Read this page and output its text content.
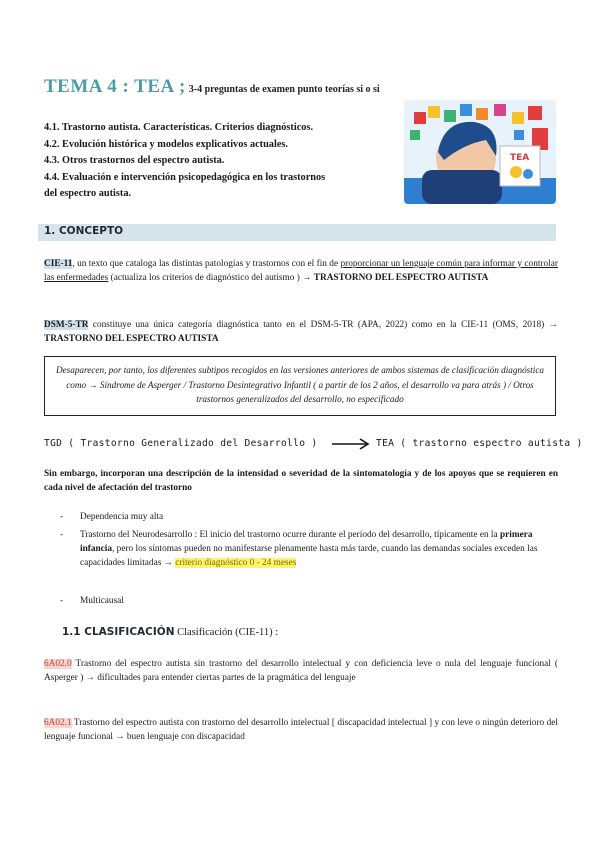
TEMA 4 : TEA ; 3-4 preguntas de examen punto teorías si o si
4.1. Trastorno autista. Características. Criterios diagnósticos.
4.2. Evolución histórica y modelos explicativos actuales.
4.3. Otros trastornos del espectro autista.
4.4. Evaluación e intervención psicopedagógica en los trastornos
del espectro autista.
TEA
1. CONCEPTO
CIE-11, un texto que cataloga las distintas patologías y trastornos con el fin de proporcionar un lenguaje común para informar y controlar las enfermedades (actualiza los criterios de diagnóstico del autismo ) → TRASTORNO DEL ESPECTRO AUTISTA
DSM-5-TR constituye una única categoría diagnóstica tanto en el DSM-5-TR (APA, 2022) como en la CIE-11 (OMS, 2018) → TRASTORNO DEL ESPECTRO AUTISTA
Desaparecen, por tanto, los diferentes subtipos recogidos en las versiones anteriores de ambos sistemas de clasificación diagnóstica como → Síndrome de Asperger / Trastorno Desintegrativo Infantil ( a partir de los 2 años, el desarrollo va para atrás ) / Otros trastornos generalizados del desarrollo, no especificado
TGD ( Trastorno Generalizado del Desarrollo )	TEA ( trastorno espectro autista )
Sin embargo, incorporan una descripción de la intensidad o severidad de la sintomatología y de los apoyos que se requieren en cada nivel de afectación del trastorno
- Dependencia muy alta
- Trastorno del Neurodesarrollo : El inicio del trastorno ocurre durante el período del desarrollo, típicamente en la primera infancia, pero los síntomas pueden no manifestarse plenamente hasta más tarde, cuando las demandas sociales exceden las capacidades limitadas → criterio diagnóstico 0 - 24 meses
- Multicausal
1.1 CLASIFICACIÓN Clasificación (CIE-11) :
6A02.0 Trastorno del espectro autista sin trastorno del desarrollo intelectual y con deficiencia leve o nula del lenguaje funcional ( Asperger ) → dificultades para entender ciertas partes de la pragmática del lenguaje
6A02.1 Trastorno del espectro autista con trastorno del desarrollo intelectual [ discapacidad intelectual ] y con leve o ningún deterioro del lenguaje funcional → buen lenguaje con discapacidad
